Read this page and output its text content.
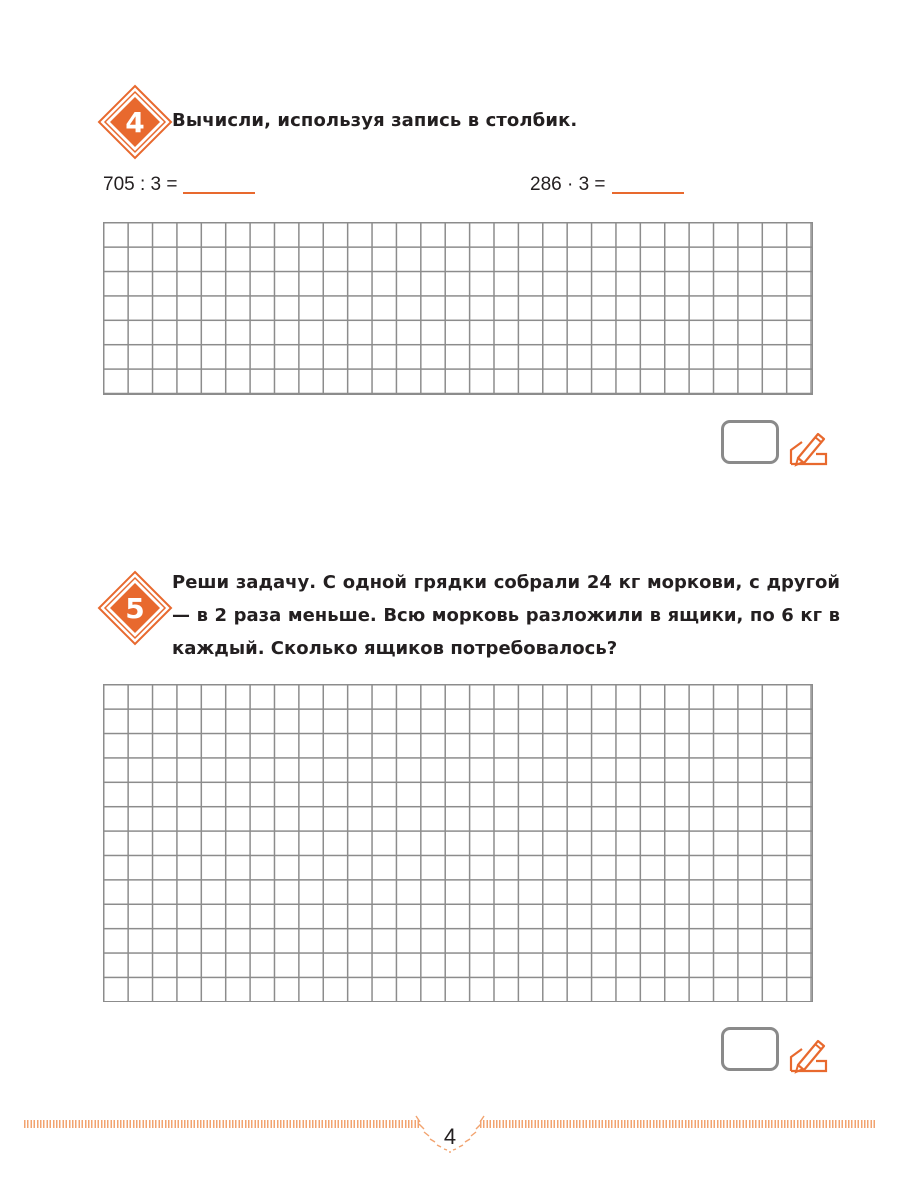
4 Вычисли, используя запись в столбик.
705 : 3 =	286 · 3 =
5
Реши задачу. С одной грядки собрали 24 кг моркови, с другой — в 2 раза меньше. Всю морковь разложили в ящики, по 6 кг в каждый. Сколько ящиков потребовалось?
4
